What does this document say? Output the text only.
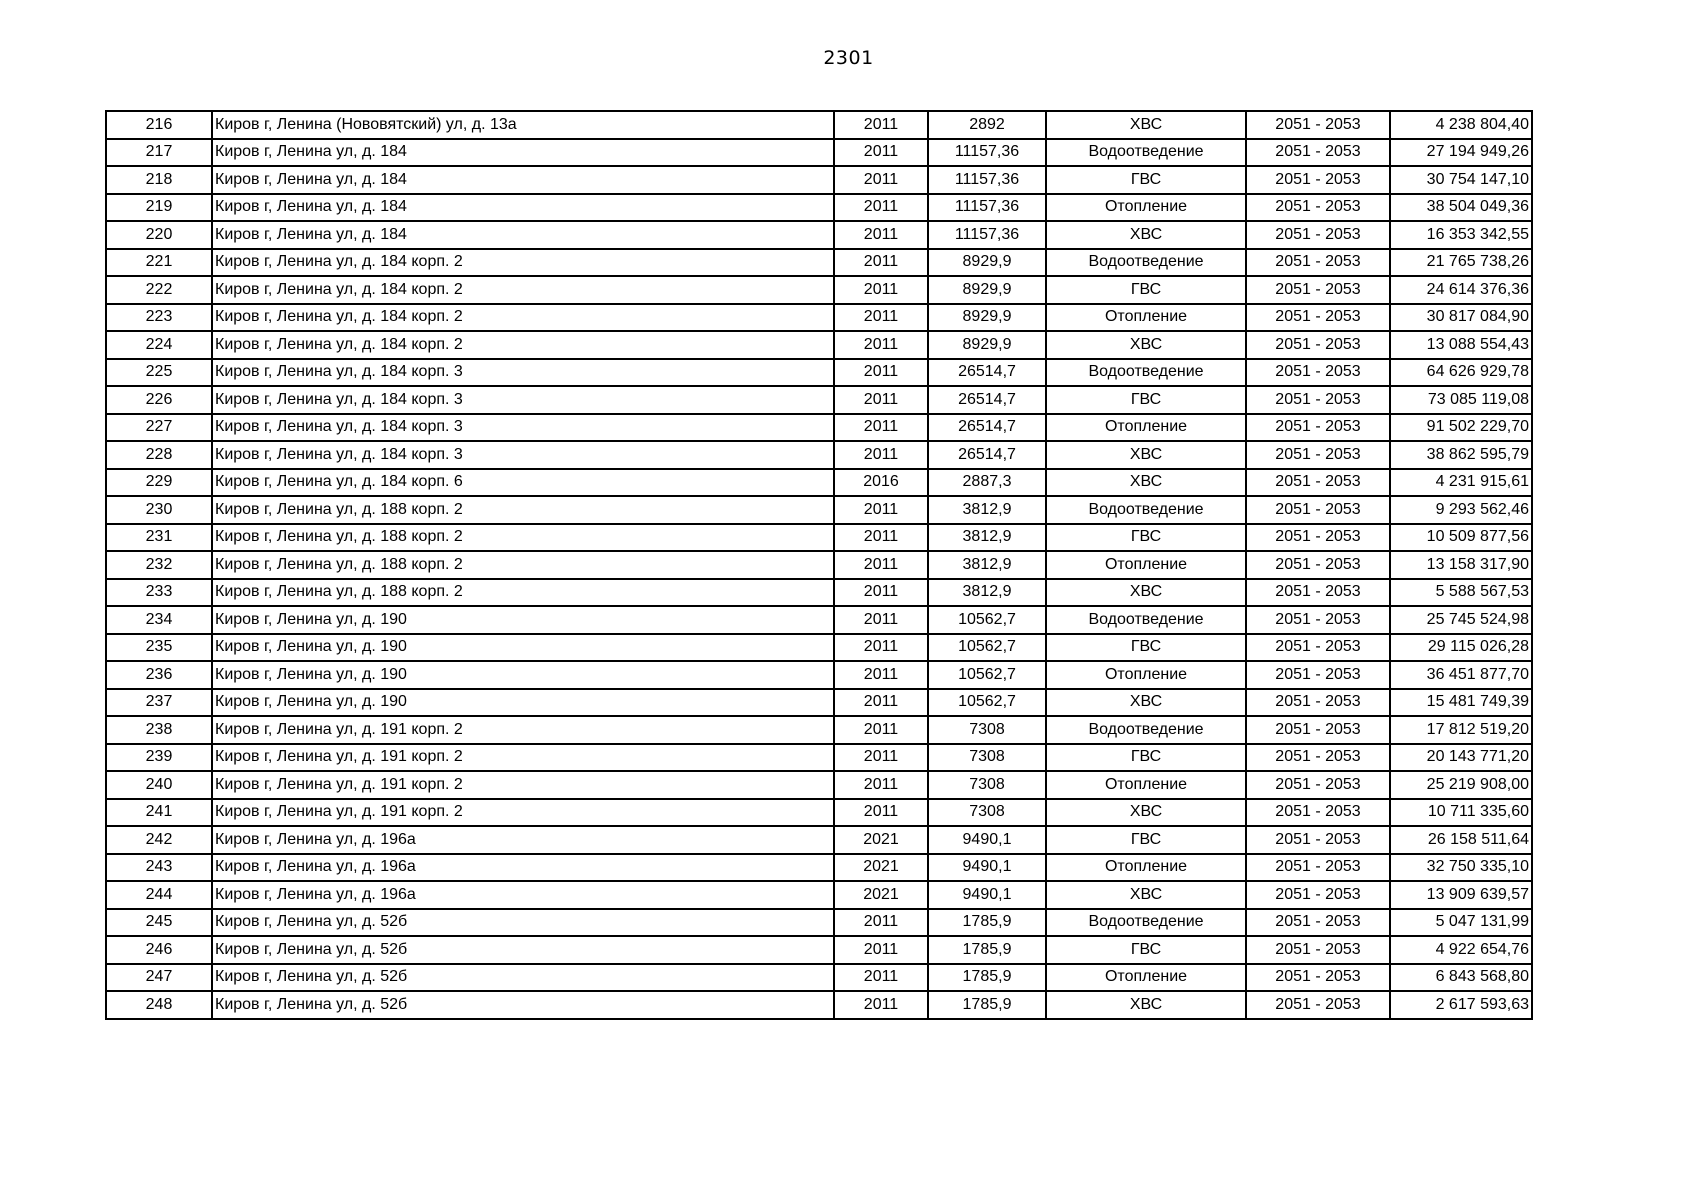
2301
216	Киров г, Ленина (Нововятский) ул, д. 13а	2011	2892	ХВС	2051 - 2053	4 238 804,40
217	Киров г, Ленина ул, д. 184	2011	11157,36	Водоотведение	2051 - 2053	27 194 949,26
218	Киров г, Ленина ул, д. 184	2011	11157,36	ГВС	2051 - 2053	30 754 147,10
219	Киров г, Ленина ул, д. 184	2011	11157,36	Отопление	2051 - 2053	38 504 049,36
220	Киров г, Ленина ул, д. 184	2011	11157,36	ХВС	2051 - 2053	16 353 342,55
221	Киров г, Ленина ул, д. 184 корп. 2	2011	8929,9	Водоотведение	2051 - 2053	21 765 738,26
222	Киров г, Ленина ул, д. 184 корп. 2	2011	8929,9	ГВС	2051 - 2053	24 614 376,36
223	Киров г, Ленина ул, д. 184 корп. 2	2011	8929,9	Отопление	2051 - 2053	30 817 084,90
224	Киров г, Ленина ул, д. 184 корп. 2	2011	8929,9	ХВС	2051 - 2053	13 088 554,43
225	Киров г, Ленина ул, д. 184 корп. 3	2011	26514,7	Водоотведение	2051 - 2053	64 626 929,78
226	Киров г, Ленина ул, д. 184 корп. 3	2011	26514,7	ГВС	2051 - 2053	73 085 119,08
227	Киров г, Ленина ул, д. 184 корп. 3	2011	26514,7	Отопление	2051 - 2053	91 502 229,70
228	Киров г, Ленина ул, д. 184 корп. 3	2011	26514,7	ХВС	2051 - 2053	38 862 595,79
229	Киров г, Ленина ул, д. 184 корп. 6	2016	2887,3	ХВС	2051 - 2053	4 231 915,61
230	Киров г, Ленина ул, д. 188 корп. 2	2011	3812,9	Водоотведение	2051 - 2053	9 293 562,46
231	Киров г, Ленина ул, д. 188 корп. 2	2011	3812,9	ГВС	2051 - 2053	10 509 877,56
232	Киров г, Ленина ул, д. 188 корп. 2	2011	3812,9	Отопление	2051 - 2053	13 158 317,90
233	Киров г, Ленина ул, д. 188 корп. 2	2011	3812,9	ХВС	2051 - 2053	5 588 567,53
234	Киров г, Ленина ул, д. 190	2011	10562,7	Водоотведение	2051 - 2053	25 745 524,98
235	Киров г, Ленина ул, д. 190	2011	10562,7	ГВС	2051 - 2053	29 115 026,28
236	Киров г, Ленина ул, д. 190	2011	10562,7	Отопление	2051 - 2053	36 451 877,70
237	Киров г, Ленина ул, д. 190	2011	10562,7	ХВС	2051 - 2053	15 481 749,39
238	Киров г, Ленина ул, д. 191 корп. 2	2011	7308	Водоотведение	2051 - 2053	17 812 519,20
239	Киров г, Ленина ул, д. 191 корп. 2	2011	7308	ГВС	2051 - 2053	20 143 771,20
240	Киров г, Ленина ул, д. 191 корп. 2	2011	7308	Отопление	2051 - 2053	25 219 908,00
241	Киров г, Ленина ул, д. 191 корп. 2	2011	7308	ХВС	2051 - 2053	10 711 335,60
242	Киров г, Ленина ул, д. 196а	2021	9490,1	ГВС	2051 - 2053	26 158 511,64
243	Киров г, Ленина ул, д. 196а	2021	9490,1	Отопление	2051 - 2053	32 750 335,10
244	Киров г, Ленина ул, д. 196а	2021	9490,1	ХВС	2051 - 2053	13 909 639,57
245	Киров г, Ленина ул, д. 52б	2011	1785,9	Водоотведение	2051 - 2053	5 047 131,99
246	Киров г, Ленина ул, д. 52б	2011	1785,9	ГВС	2051 - 2053	4 922 654,76
247	Киров г, Ленина ул, д. 52б	2011	1785,9	Отопление	2051 - 2053	6 843 568,80
248	Киров г, Ленина ул, д. 52б	2011	1785,9	ХВС	2051 - 2053	2 617 593,63
